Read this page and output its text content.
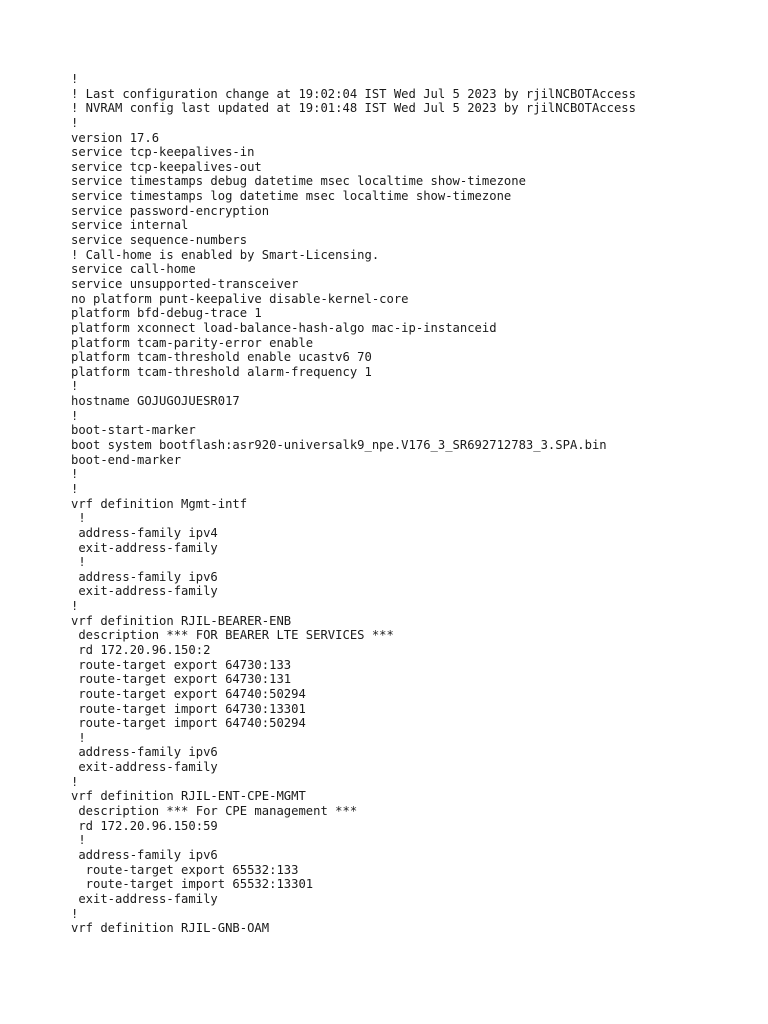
!
! Last configuration change at 19:02:04 IST Wed Jul 5 2023 by rjilNCBOTAccess
! NVRAM config last updated at 19:01:48 IST Wed Jul 5 2023 by rjilNCBOTAccess
!
version 17.6
service tcp-keepalives-in
service tcp-keepalives-out
service timestamps debug datetime msec localtime show-timezone
service timestamps log datetime msec localtime show-timezone
service password-encryption
service internal
service sequence-numbers
! Call-home is enabled by Smart-Licensing.
service call-home
service unsupported-transceiver
no platform punt-keepalive disable-kernel-core
platform bfd-debug-trace 1
platform xconnect load-balance-hash-algo mac-ip-instanceid
platform tcam-parity-error enable
platform tcam-threshold enable ucastv6 70
platform tcam-threshold alarm-frequency 1
!
hostname GOJUGOJUESR017
!
boot-start-marker
boot system bootflash:asr920-universalk9_npe.V176_3_SR692712783_3.SPA.bin
boot-end-marker
!
!
vrf definition Mgmt-intf
!
address-family ipv4
exit-address-family
!
address-family ipv6
exit-address-family
!
vrf definition RJIL-BEARER-ENB
description *** FOR BEARER LTE SERVICES ***
rd 172.20.96.150:2
route-target export 64730:133
route-target export 64730:131
route-target export 64740:50294
route-target import 64730:13301
route-target import 64740:50294
!
address-family ipv6
exit-address-family
!
vrf definition RJIL-ENT-CPE-MGMT
description *** For CPE management ***
rd 172.20.96.150:59
!
address-family ipv6
route-target export 65532:133
route-target import 65532:13301
exit-address-family
!
vrf definition RJIL-GNB-OAM
